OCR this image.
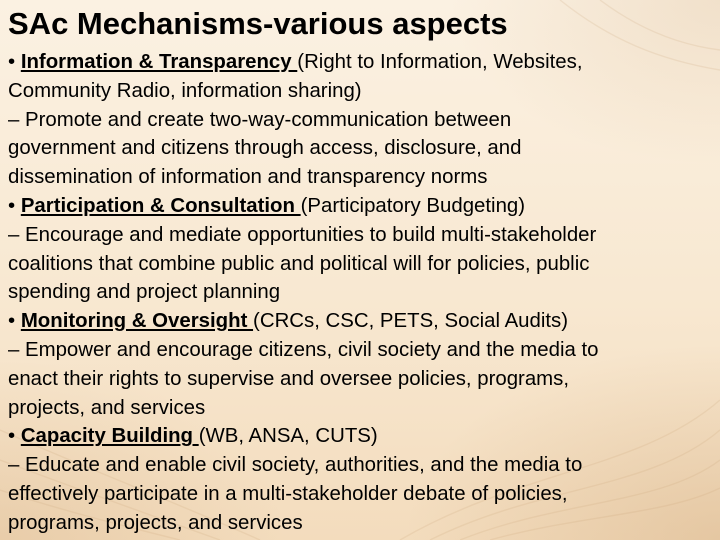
SAc Mechanisms-various aspects
• Information & Transparency (Right to Information, Websites,
Community Radio, information sharing)
– Promote and create two-way-communication between
government and citizens through access, disclosure, and
dissemination of information and transparency norms
• Participation & Consultation (Participatory Budgeting)
– Encourage and mediate opportunities to build multi-stakeholder
coalitions that combine public and political will for policies, public
spending and project planning
• Monitoring & Oversight (CRCs, CSC, PETS, Social Audits)
– Empower and encourage citizens, civil society and the media to
enact their rights to supervise and oversee policies, programs,
projects, and services
• Capacity Building (WB, ANSA, CUTS)
– Educate and enable civil society, authorities, and the media to
effectively participate in a multi-stakeholder debate of policies,
programs, projects, and services
